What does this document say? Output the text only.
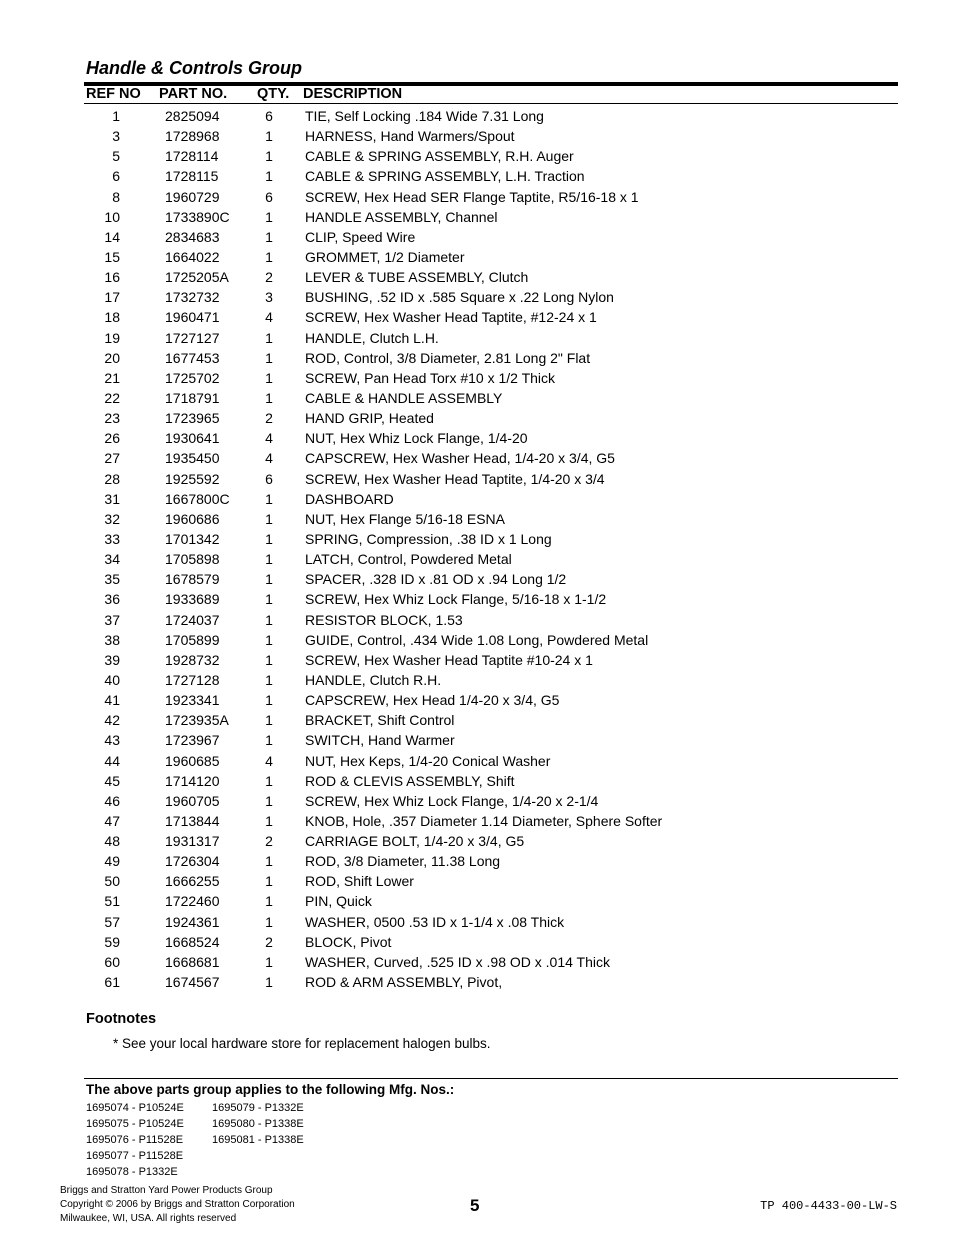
Handle & Controls Group
REF NO PART NO. QTY. DESCRIPTION
1	2825094	6 TIE, Self Locking .184 Wide 7.31 Long
3	1728968	1 HARNESS, Hand Warmers/Spout
5	1728114	1 CABLE & SPRING ASSEMBLY, R.H. Auger
6	1728115	1 CABLE & SPRING ASSEMBLY, L.H. Traction
8	1960729	6 SCREW, Hex Head SER Flange Taptite, R5/16-18 x 1
10	1733890C	1 HANDLE ASSEMBLY, Channel
14	2834683	1 CLIP, Speed Wire
15	1664022	1 GROMMET, 1/2 Diameter
16	1725205A	2 LEVER & TUBE ASSEMBLY, Clutch
17	1732732	3 BUSHING, .52 ID x .585 Square x .22 Long Nylon
18	1960471	4 SCREW, Hex Washer Head Taptite, #12-24 x 1
19	1727127	1 HANDLE, Clutch L.H.
20	1677453	1 ROD, Control, 3/8 Diameter, 2.81 Long 2" Flat
21	1725702	1 SCREW, Pan Head Torx #10 x 1/2 Thick
22	1718791	1 CABLE & HANDLE ASSEMBLY
23	1723965	2 HAND GRIP, Heated
26	1930641	4 NUT, Hex Whiz Lock Flange, 1/4-20
27	1935450	4 CAPSCREW, Hex Washer Head, 1/4-20 x 3/4, G5
28	1925592	6 SCREW, Hex Washer Head Taptite, 1/4-20 x 3/4
31	1667800C	1 DASHBOARD
32	1960686	1 NUT, Hex Flange 5/16-18 ESNA
33	1701342	1 SPRING, Compression, .38 ID x 1 Long
34	1705898	1 LATCH, Control, Powdered Metal
35	1678579	1 SPACER, .328 ID x .81 OD x .94 Long 1/2
36	1933689	1 SCREW, Hex Whiz Lock Flange, 5/16-18 x 1-1/2
37	1724037	1 RESISTOR BLOCK, 1.53
38	1705899	1 GUIDE, Control, .434 Wide 1.08 Long, Powdered Metal
39	1928732	1 SCREW, Hex Washer Head Taptite #10-24 x 1
40	1727128	1 HANDLE, Clutch R.H.
41	1923341	1 CAPSCREW, Hex Head 1/4-20 x 3/4, G5
42	1723935A	1 BRACKET, Shift Control
43	1723967	1 SWITCH, Hand Warmer
44	1960685	4 NUT, Hex Keps, 1/4-20 Conical Washer
45	1714120	1 ROD & CLEVIS ASSEMBLY, Shift
46	1960705	1 SCREW, Hex Whiz Lock Flange, 1/4-20 x 2-1/4
47	1713844	1 KNOB, Hole, .357 Diameter 1.14 Diameter, Sphere Softer
48	1931317	2 CARRIAGE BOLT, 1/4-20 x 3/4, G5
49	1726304	1 ROD, 3/8 Diameter, 11.38 Long
50	1666255	1 ROD, Shift Lower
51	1722460	1 PIN, Quick
57	1924361	1 WASHER, 0500 .53 ID x 1-1/4 x .08 Thick
59	1668524	2 BLOCK, Pivot
60	1668681	1 WASHER, Curved, .525 ID x .98 OD x .014 Thick
61	1674567	1 ROD & ARM ASSEMBLY, Pivot,
Footnotes
* See your local hardware store for replacement halogen bulbs.
The above parts group applies to the following Mfg. Nos.:
1695074 - P10524E
1695075 - P10524E
1695076 - P11528E
1695077 - P11528E
1695078 - P1332E
1695079 - P1332E
1695080 - P1338E
1695081 - P1338E
Briggs and Stratton Yard Power Products Group
Copyright © 2006 by Briggs and Stratton Corporation
Milwaukee, WI, USA. All rights reserved
5	TP 400-4433-00-LW-S
